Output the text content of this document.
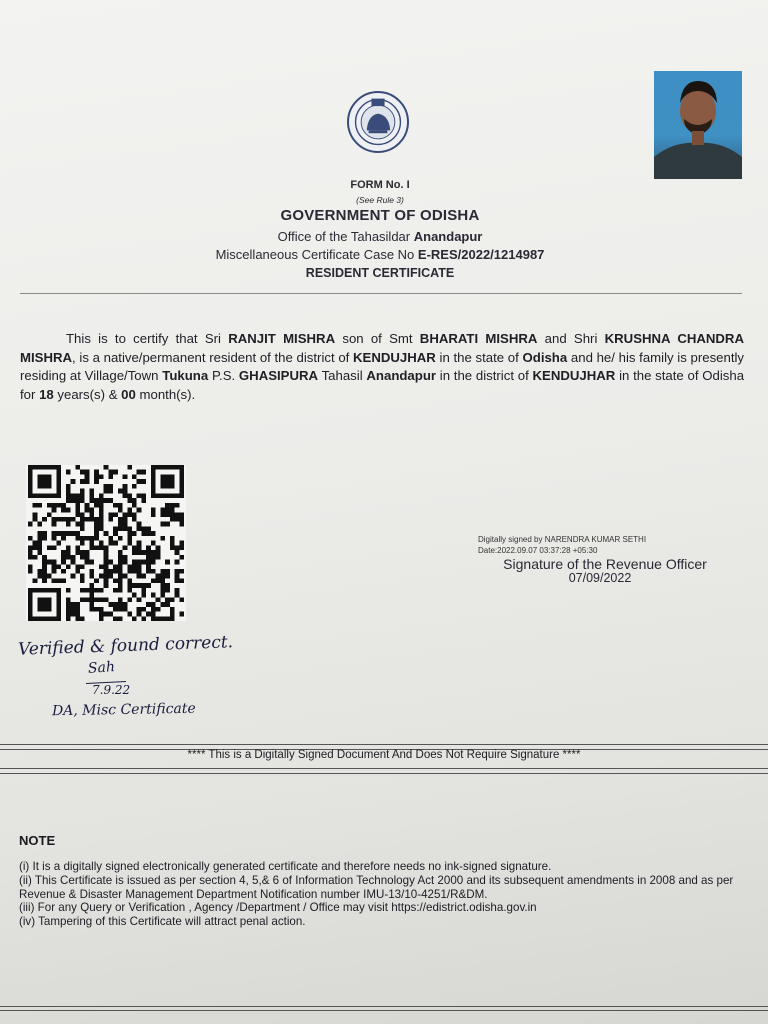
FORM No. I
(See Rule 3)
GOVERNMENT OF ODISHA
Office of the Tahasildar Anandapur
Miscellaneous Certificate Case No E-RES/2022/1214987
RESIDENT CERTIFICATE
This is to certify that Sri RANJIT MISHRA son of Smt BHARATI MISHRA and Shri KRUSHNA CHANDRA MISHRA, is a native/permanent resident of the district of KENDUJHAR in the state of Odisha and he/ his family is presently residing at Village/Town Tukuna P.S. GHASIPURA Tahasil Anandapur in the district of KENDUJHAR in the state of Odisha for 18 years(s) & 00 month(s).
Digitally signed by NARENDRA KUMAR SETHI
Date:2022.09.07 03:37:28 +05:30
Signature of the Revenue Officer
07/09/2022
Verified & found correct.
Sah
7.9.22
DA, Misc Certificate
**** This is a Digitally Signed Document And Does Not Require Signature ****
NOTE
(i) It is a digitally signed electronically generated certificate and therefore needs no ink-signed signature.
(ii) This Certificate is issued as per section 4, 5,& 6 of Information Technology Act 2000 and its subsequent amendments in 2008 and as per Revenue & Disaster Management Department Notification number IMU-13/10-4251/R&DM.
(iii) For any Query or Verification , Agency /Department / Office may visit https://edistrict.odisha.gov.in
(iv) Tampering of this Certificate will attract penal action.
